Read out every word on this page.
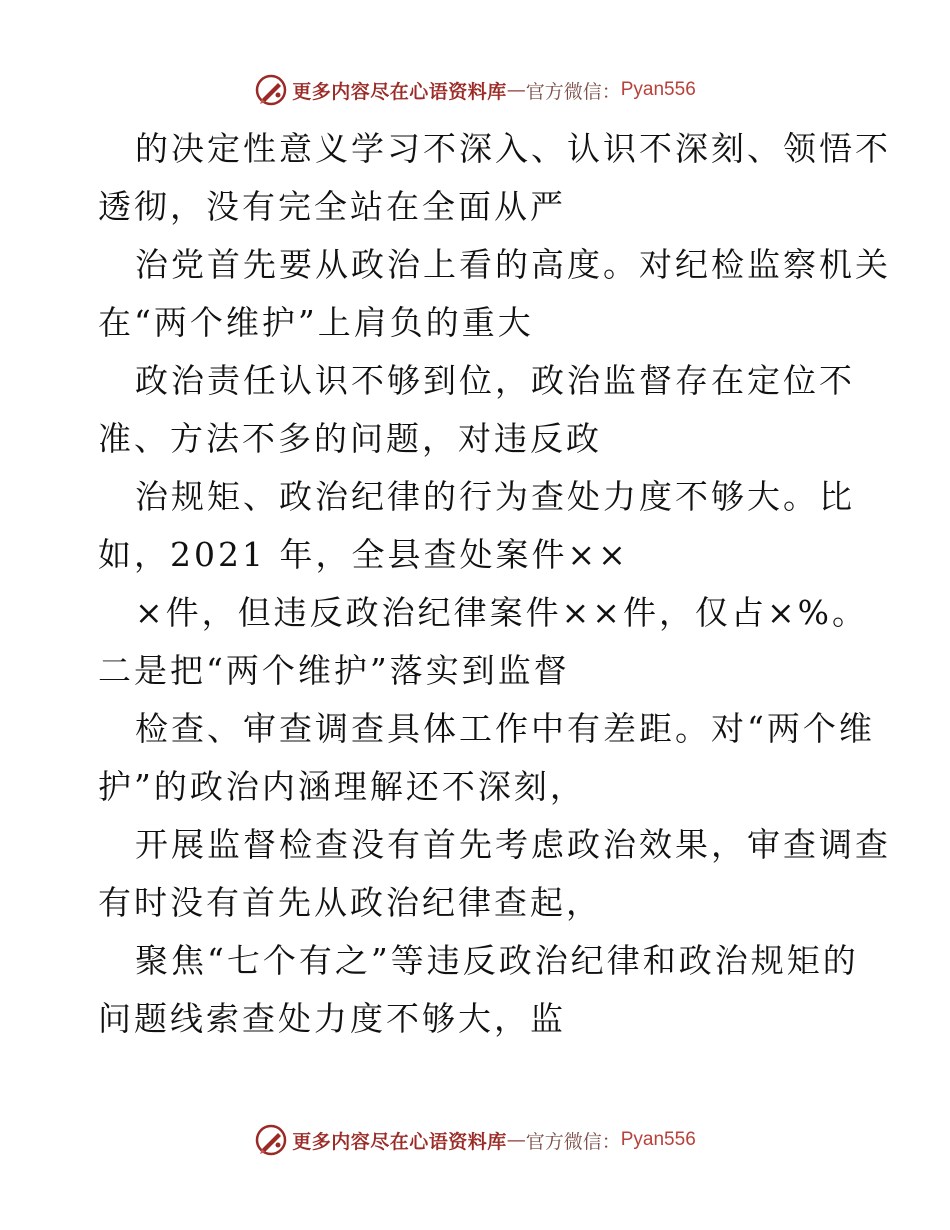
更多内容尽在心语资料库 — 官方微信： Pyan556
的决定性意义学习不深入、认识不深刻、领悟不
透彻，没有完全站在全面从严
治党首先要从政治上看的高度。对纪检监察机关
在“两个维护”上肩负的重大
政治责任认识不够到位，政治监督存在定位不
准、方法不多的问题，对违反政
治规矩、政治纪律的行为查处力度不够大。比
如，2021 年，全县查处案件××
×件，但违反政治纪律案件××件，仅占×%。
二是把“两个维护”落实到监督
检查、审查调查具体工作中有差距。对“两个维
护”的政治内涵理解还不深刻，
开展监督检查没有首先考虑政治效果，审查调查
有时没有首先从政治纪律查起，
聚焦“七个有之”等违反政治纪律和政治规矩的
问题线索查处力度不够大，监
更多内容尽在心语资料库 — 官方微信： Pyan556
